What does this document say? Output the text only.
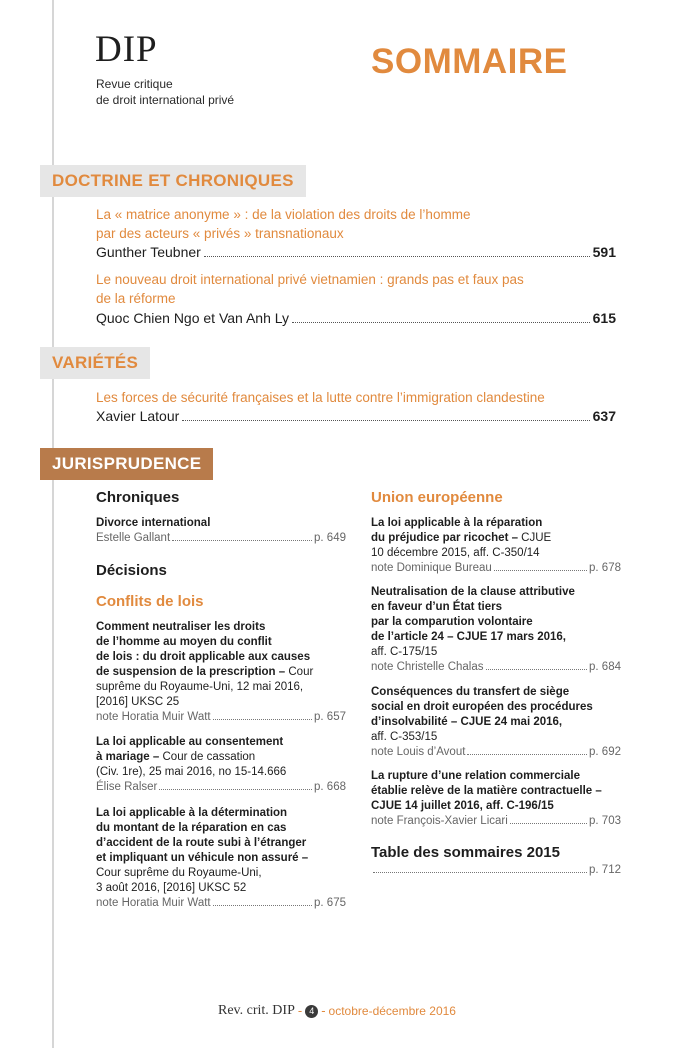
DIP
Revue critique
de droit international privé
SOMMAIRE
DOCTRINE ET CHRONIQUES
La « matrice anonyme » : de la violation des droits de l’homme
par des acteurs « privés » transnationaux
Gunther Teubner	591
Le nouveau droit international privé vietnamien : grands pas et faux pas
de la réforme
Quoc Chien Ngo et Van Anh Ly	615
VARIÉTÉS
Les forces de sécurité françaises et la lutte contre l’immigration clandestine
Xavier Latour	637
JURISPRUDENCE
Chroniques
Divorce international
Estelle Gallant	p. 649
Décisions
Conflits de lois
Comment neutraliser les droits
de l’homme au moyen du conflit
de lois : du droit applicable aux causes
de suspension de la prescription – Cour
suprême du Royaume-Uni, 12 mai 2016,
[2016] UKSC 25
note Horatia Muir Watt	p. 657
La loi applicable au consentement
à mariage – Cour de cassation
(Civ. 1re), 25 mai 2016, no 15-14.666
Élise Ralser	p. 668
La loi applicable à la détermination
du montant de la réparation en cas
d’accident de la route subi à l’étranger
et impliquant un véhicule non assuré –
Cour suprême du Royaume-Uni,
3 août 2016, [2016] UKSC 52
note Horatia Muir Watt	p. 675
Union européenne
La loi applicable à la réparation
du préjudice par ricochet – CJUE
10 décembre 2015, aff. C-350/14
note Dominique Bureau	p. 678
Neutralisation de la clause attributive
en faveur d’un État tiers
par la comparution volontaire
de l’article 24 – CJUE 17 mars 2016,
aff. C-175/15
note Christelle Chalas	p. 684
Conséquences du transfert de siège
social en droit européen des procédures
d’insolvabilité – CJUE 24 mai 2016,
aff. C-353/15
note Louis d’Avout	p. 692
La rupture d’une relation commerciale
établie relève de la matière contractuelle –
CJUE 14 juillet 2016, aff. C-196/15
note François-Xavier Licari	p. 703
Table des sommaires 2015
p. 712
Rev. crit. DIP - 4 - octobre-décembre 2016
